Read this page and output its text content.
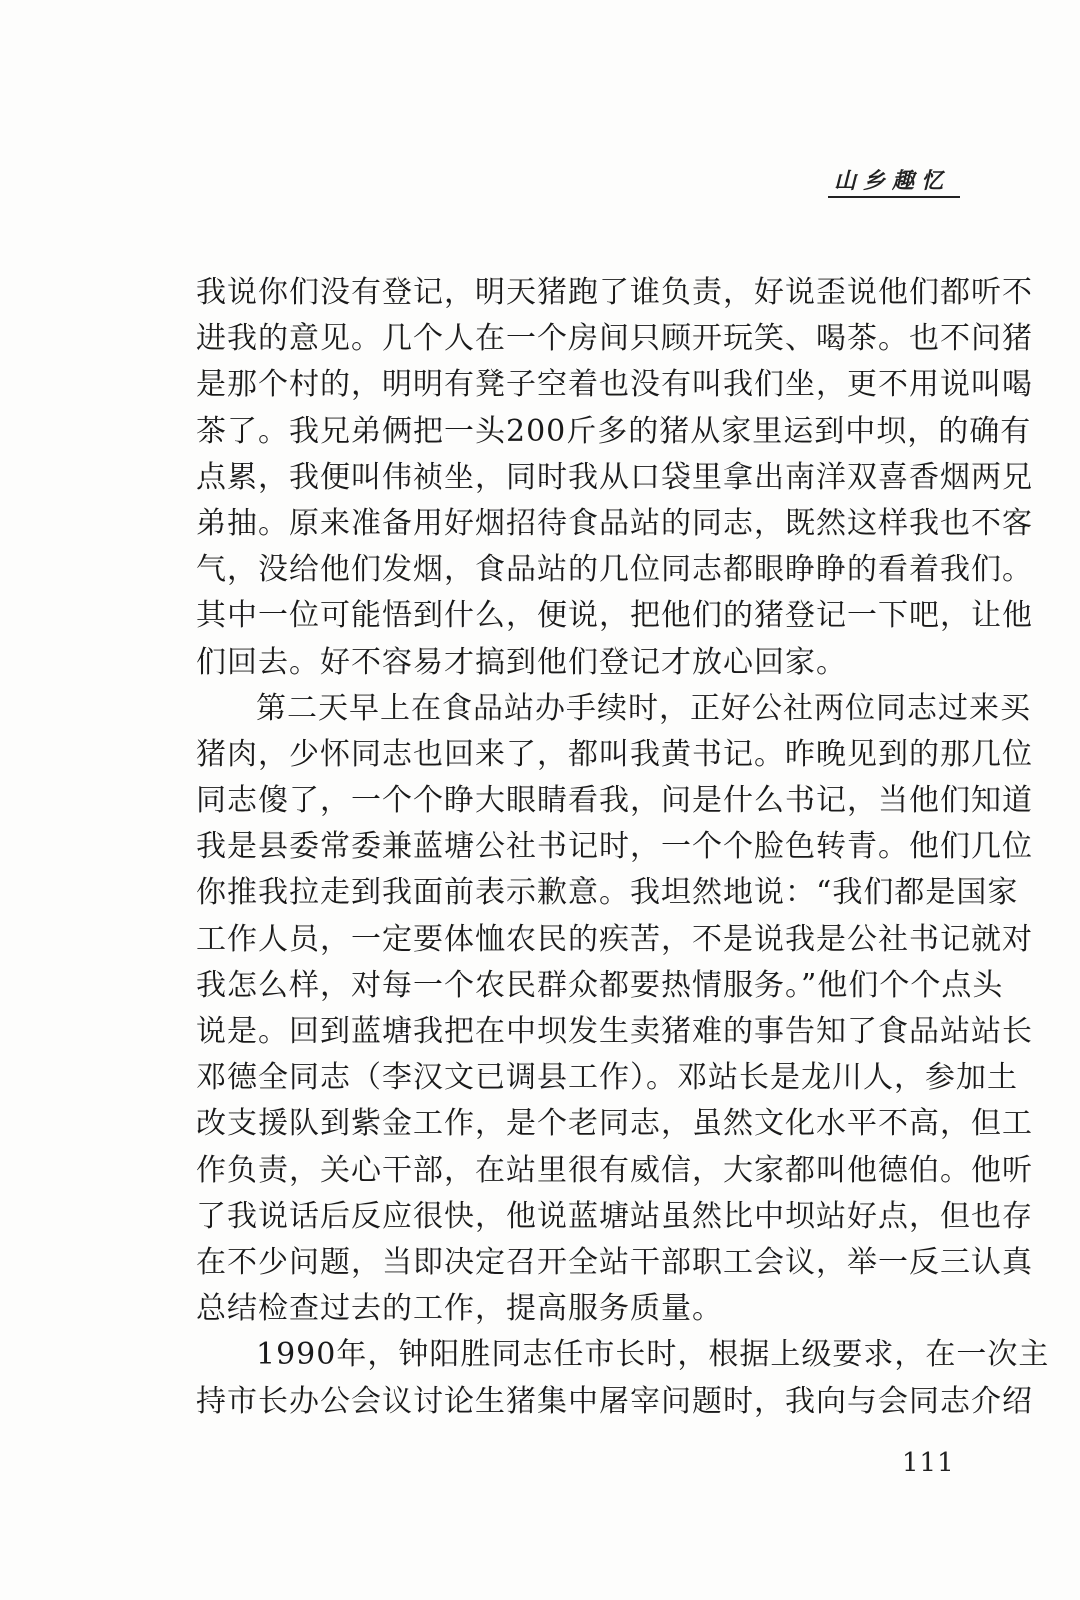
山乡趣忆
我说你们没有登记，明天猪跑了谁负责，好说歪说他们都听不
进我的意见。几个人在一个房间只顾开玩笑、喝茶。也不问猪
是那个村的，明明有凳子空着也没有叫我们坐，更不用说叫喝
茶了。我兄弟俩把一头200斤多的猪从家里运到中坝，的确有
点累，我便叫伟祯坐，同时我从口袋里拿出南洋双喜香烟两兄
弟抽。原来准备用好烟招待食品站的同志，既然这样我也不客
气，没给他们发烟，食品站的几位同志都眼睁睁的看着我们。
其中一位可能悟到什么，便说，把他们的猪登记一下吧，让他
们回去。好不容易才搞到他们登记才放心回家。
第二天早上在食品站办手续时，正好公社两位同志过来买
猪肉，少怀同志也回来了，都叫我黄书记。昨晚见到的那几位
同志傻了，一个个睁大眼睛看我，问是什么书记，当他们知道
我是县委常委兼蓝塘公社书记时，一个个脸色转青。他们几位
你推我拉走到我面前表示歉意。我坦然地说：“我们都是国家
工作人员，一定要体恤农民的疾苦，不是说我是公社书记就对
我怎么样，对每一个农民群众都要热情服务。”他们个个点头
说是。回到蓝塘我把在中坝发生卖猪难的事告知了食品站站长
邓德全同志（李汉文已调县工作）。邓站长是龙川人，参加土
改支援队到紫金工作，是个老同志，虽然文化水平不高，但工
作负责，关心干部，在站里很有威信，大家都叫他德伯。他听
了我说话后反应很快，他说蓝塘站虽然比中坝站好点，但也存
在不少问题，当即决定召开全站干部职工会议，举一反三认真
总结检查过去的工作，提高服务质量。
1990年，钟阳胜同志任市长时，根据上级要求，在一次主
持市长办公会议讨论生猪集中屠宰问题时，我向与会同志介绍
111
